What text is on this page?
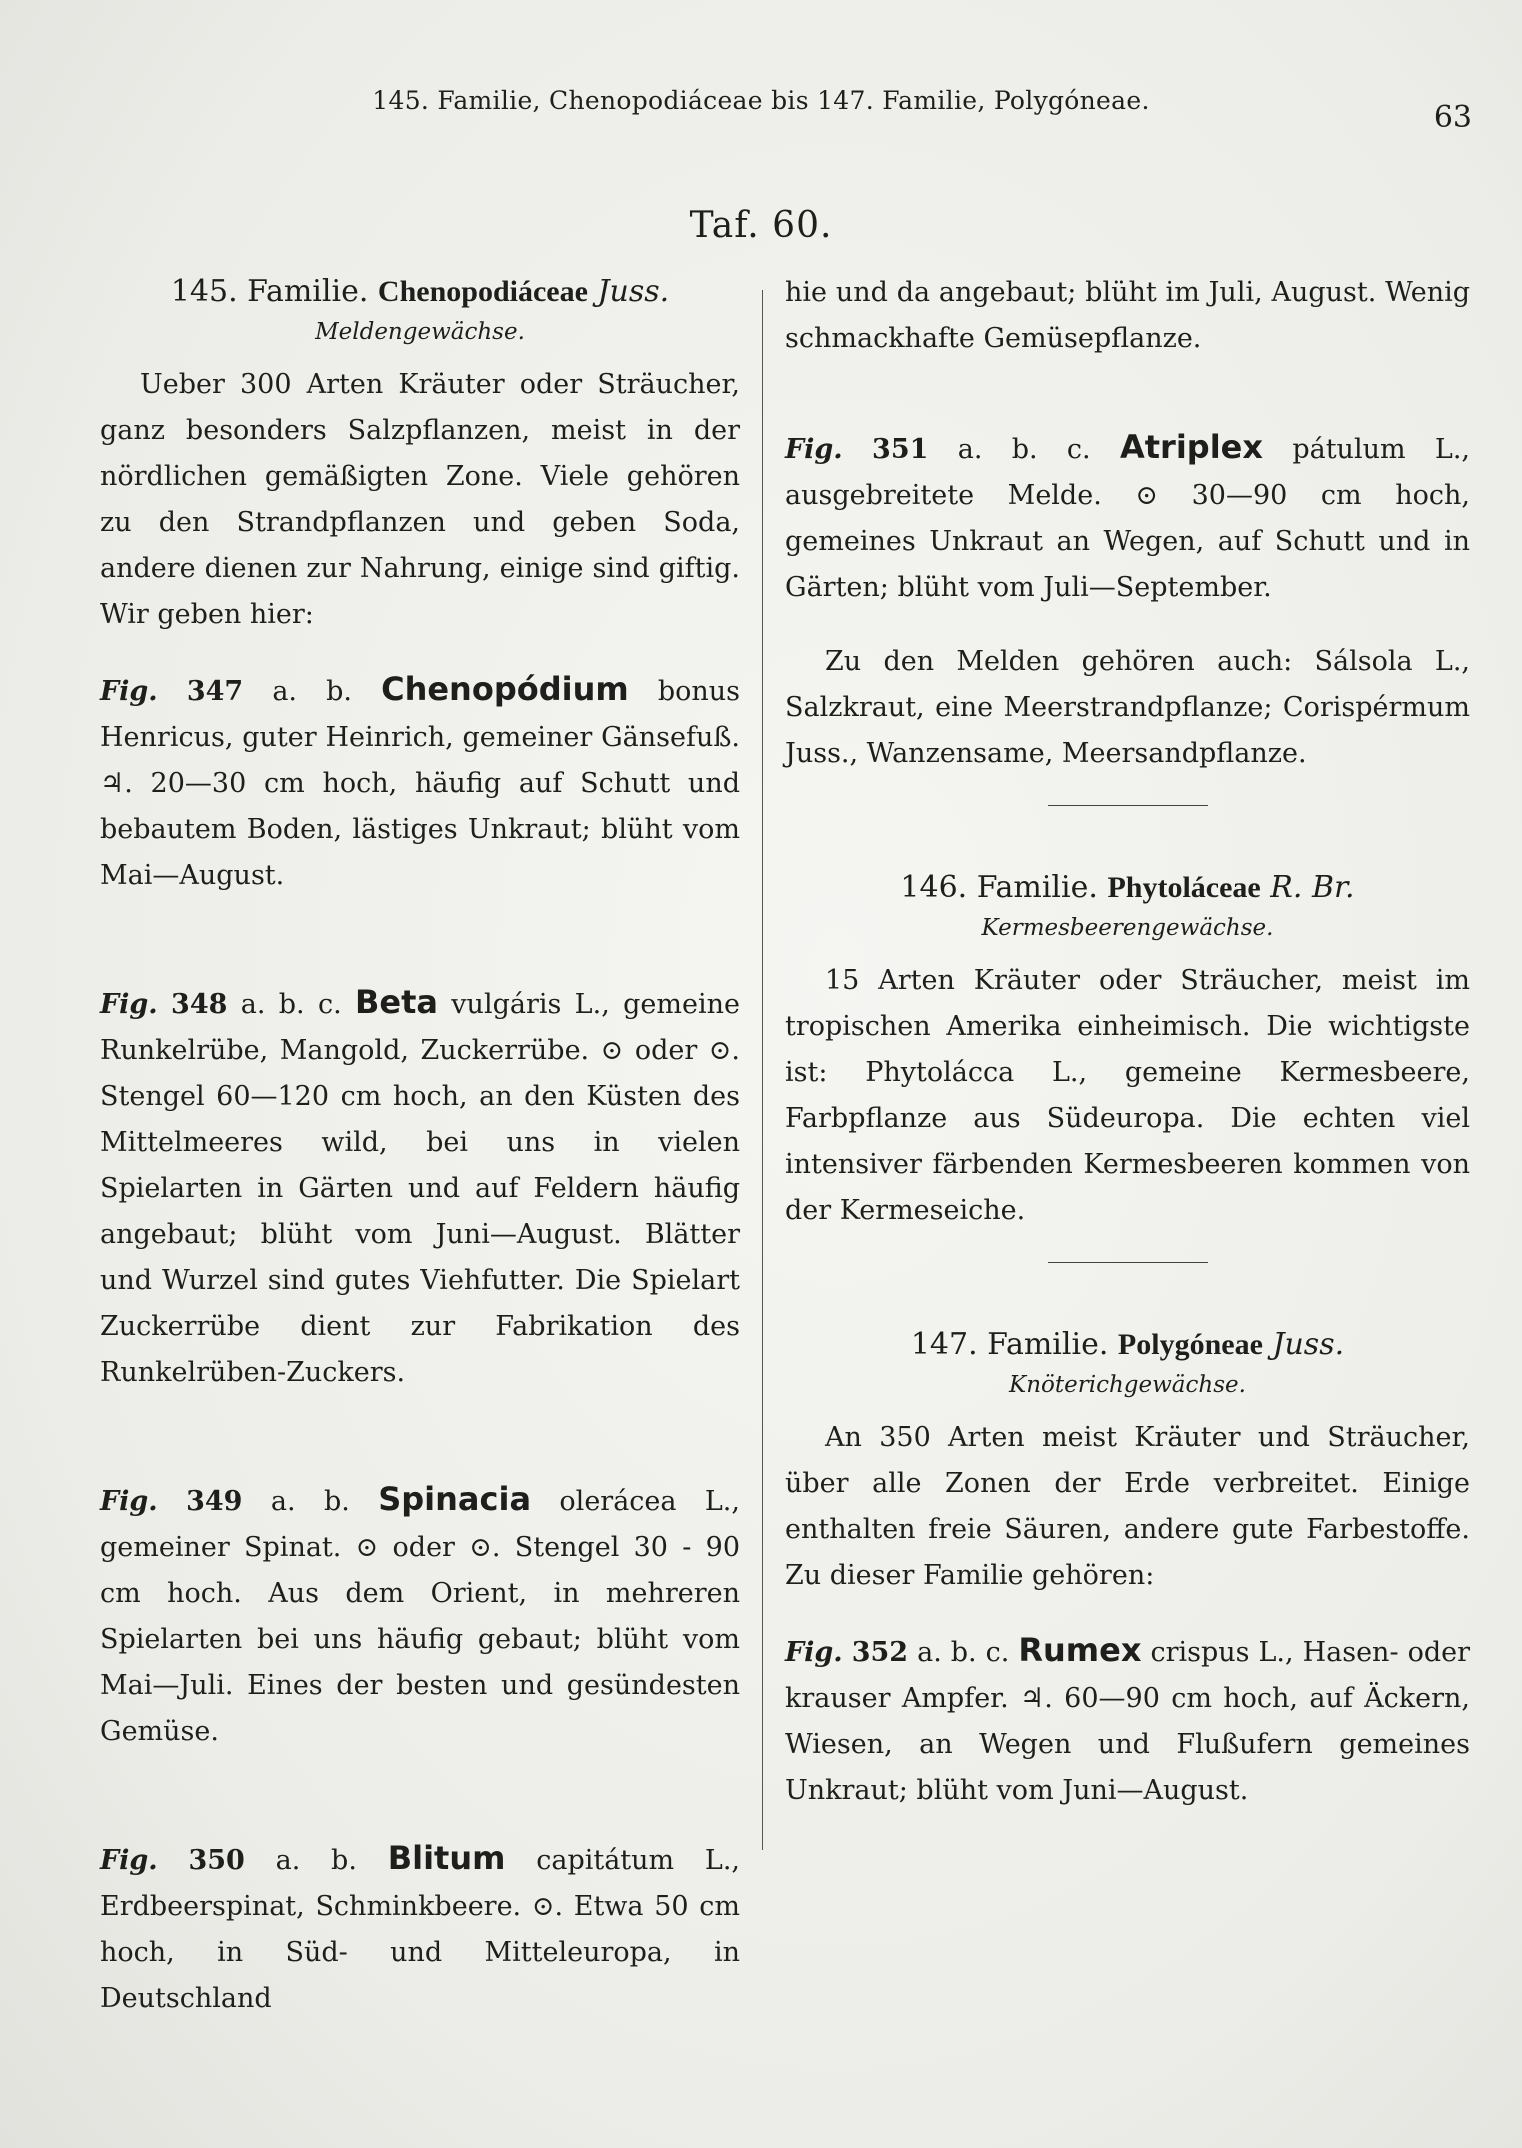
145. Familie, Chenopodiáceae bis 147. Familie, Polygóneae.	63
Taf. 60.
145. Familie. Chenopodiáceae Juss.
Meldengewächse.

Ueber 300 Arten Kräuter oder Sträucher, ganz besonders Salzpflanzen, meist in der nördlichen gemäßigten Zone. Viele gehören zu den Strandpflanzen und geben Soda, andere dienen zur Nahrung, einige sind giftig. Wir geben hier:

Fig. 347 a. b. Chenopódium bonus Henricus, guter Heinrich, gemeiner Gänsefuß. ♃. 20—30 cm hoch, häufig auf Schutt und bebautem Boden, lästiges Unkraut; blüht vom Mai—August.

Fig. 348 a. b. c. Beta vulgáris L., gemeine Runkelrübe, Mangold, Zuckerrübe. ⊙ oder ⊙. Stengel 60—120 cm hoch, an den Küsten des Mittelmeeres wild, bei uns in vielen Spielarten in Gärten und auf Feldern häufig angebaut; blüht vom Juni—August. Blätter und Wurzel sind gutes Viehfutter. Die Spielart Zuckerrübe dient zur Fabrikation des Runkelrüben-Zuckers.

Fig. 349 a. b. Spinacia olerácea L., gemeiner Spinat. ⊙ oder ⊙. Stengel 30 - 90 cm hoch. Aus dem Orient, in mehreren Spielarten bei uns häufig gebaut; blüht vom Mai—Juli. Eines der besten und gesündesten Gemüse.

Fig. 350 a. b. Blitum capitátum L., Erdbeerspinat, Schminkbeere. ⊙. Etwa 50 cm hoch, in Süd- und Mitteleuropa, in Deutschland

hie und da angebaut; blüht im Juli, August. Wenig schmackhafte Gemüsepflanze.

Fig. 351 a. b. c. Atriplex pátulum L., ausgebreitete Melde. ⊙ 30—90 cm hoch, gemeines Unkraut an Wegen, auf Schutt und in Gärten; blüht vom Juli—September.

Zu den Melden gehören auch: Sálsola L., Salzkraut, eine Meerstrandpflanze; Corispérmum Juss., Wanzensame, Meersandpflanze.

146. Familie. Phytoláceae R. Br.
Kermesbeerengewächse.

15 Arten Kräuter oder Sträucher, meist im tropischen Amerika einheimisch. Die wichtigste ist: Phytolácca L., gemeine Kermesbeere, Farbpflanze aus Südeuropa. Die echten viel intensiver färbenden Kermesbeeren kommen von der Kermeseiche.

147. Familie. Polygóneae Juss.
Knöterichgewächse.

An 350 Arten meist Kräuter und Sträucher, über alle Zonen der Erde verbreitet. Einige enthalten freie Säuren, andere gute Farbestoffe. Zu dieser Familie gehören:

Fig. 352 a. b. c. Rumex crispus L., Hasen- oder krauser Ampfer. ♃. 60—90 cm hoch, auf Äckern, Wiesen, an Wegen und Flußufern gemeines Unkraut; blüht vom Juni—August.
